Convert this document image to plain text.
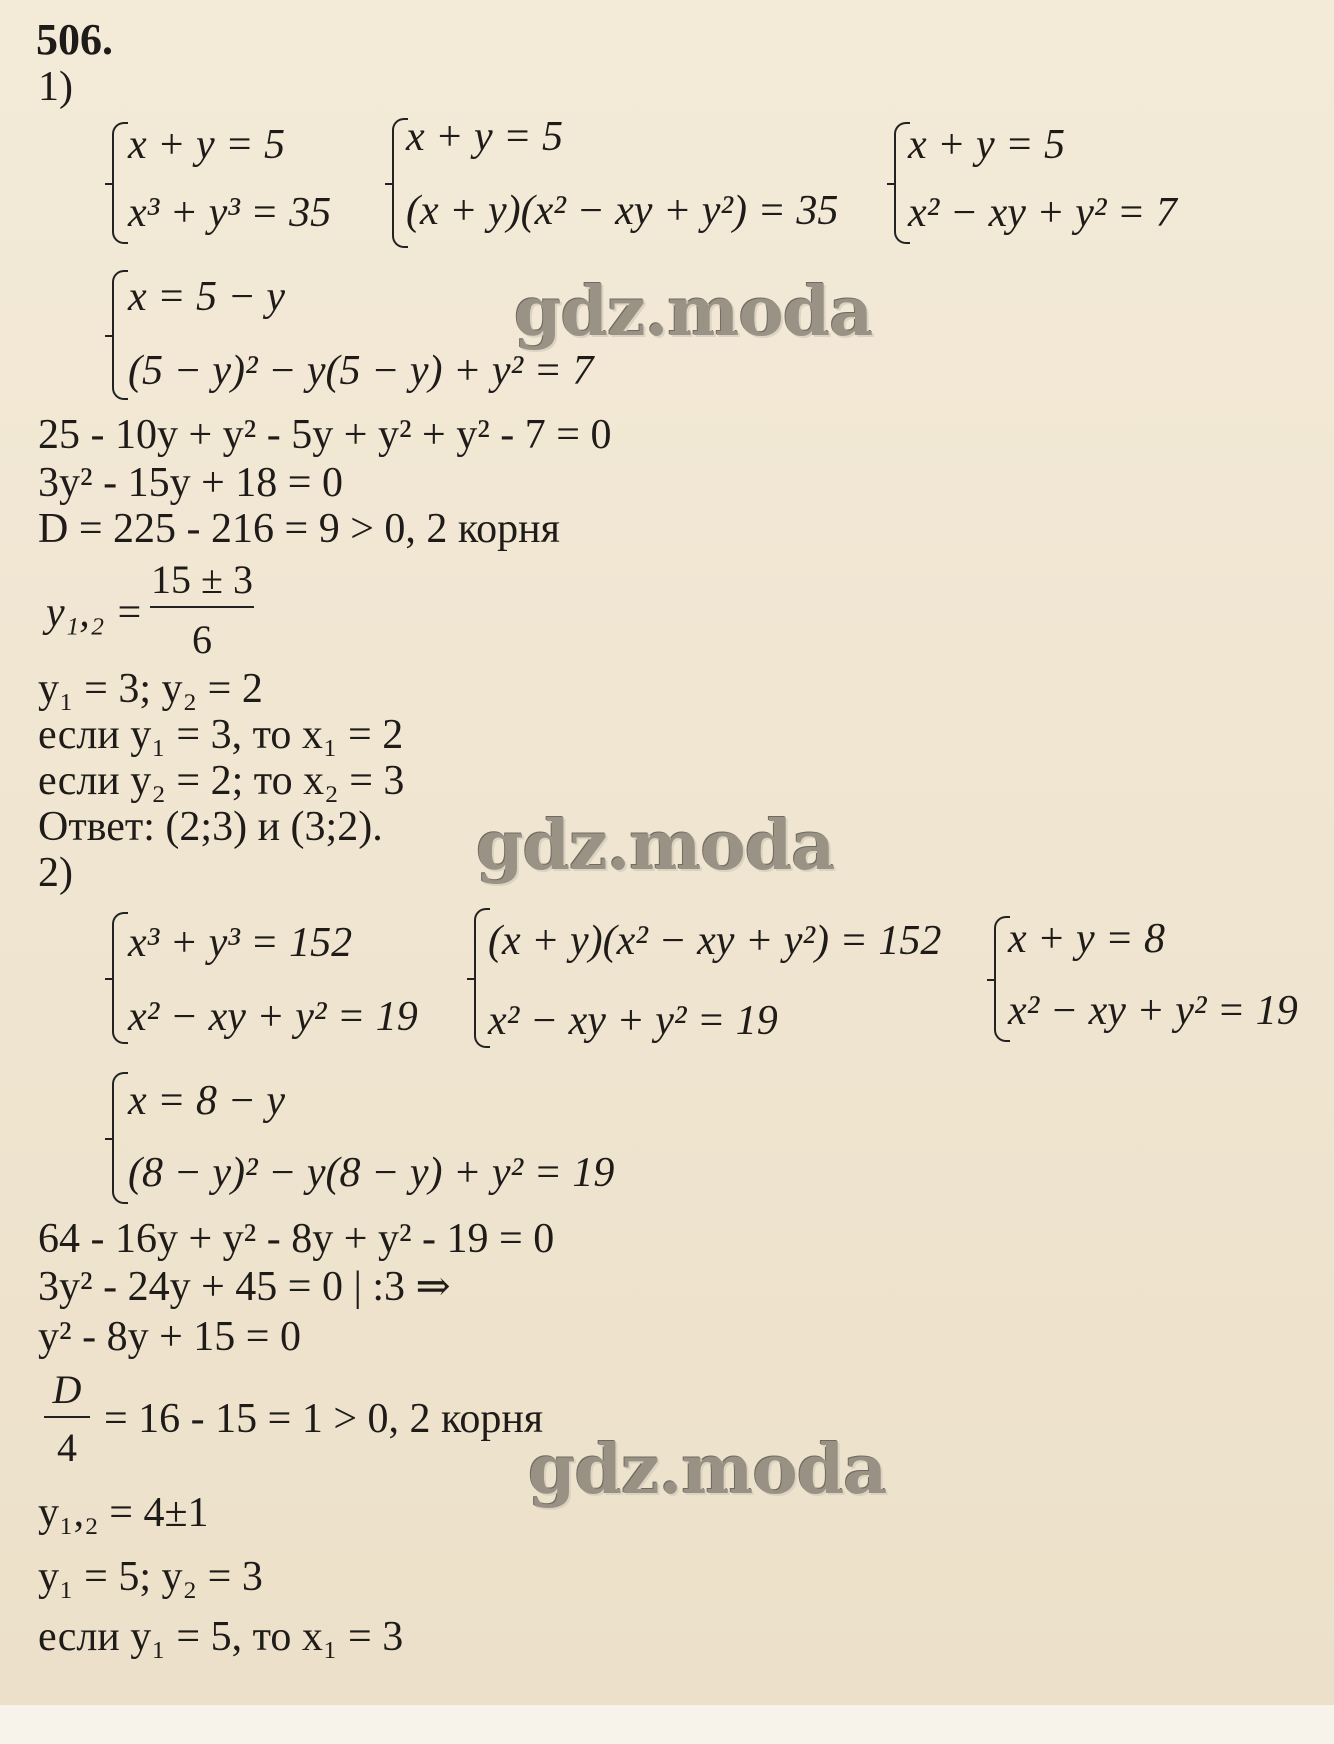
506.
1)
x + y = 5
x³ + y³ = 35
x + y = 5
(x + y)(x² − xy + y²) = 35
x + y = 5
x² − xy + y² = 7
x = 5 − y
(5 − y)² − y(5 − y) + y² = 7
25 - 10y + y² - 5y + y² + y² - 7 = 0
3y² - 15y + 18 = 0
D = 225 - 216 = 9 > 0, 2 корня
y₁,₂ =
15 ± 3
6
y₁ = 3; y₂ = 2
если y₁ = 3, то x₁ = 2
если y₂ = 2; то x₂ = 3
Ответ: (2;3) и (3;2).
2)
x³ + y³ = 152
x² − xy + y² = 19
(x + y)(x² − xy + y²) = 152
x² − xy + y² = 19
x + y = 8
x² − xy + y² = 19
x = 8 − y
(8 − y)² − y(8 − y) + y² = 19
64 - 16y + y² - 8y + y² - 19 = 0
3y² - 24y + 45 = 0 | :3 ⇒
y² - 8y + 15 = 0
D
4
= 16 - 15 = 1 > 0, 2 корня
y₁,₂ = 4±1
y₁ = 5; y₂ = 3
если y₁ = 5, то x₁ = 3
gdz.moda
gdz.moda
gdz.moda
